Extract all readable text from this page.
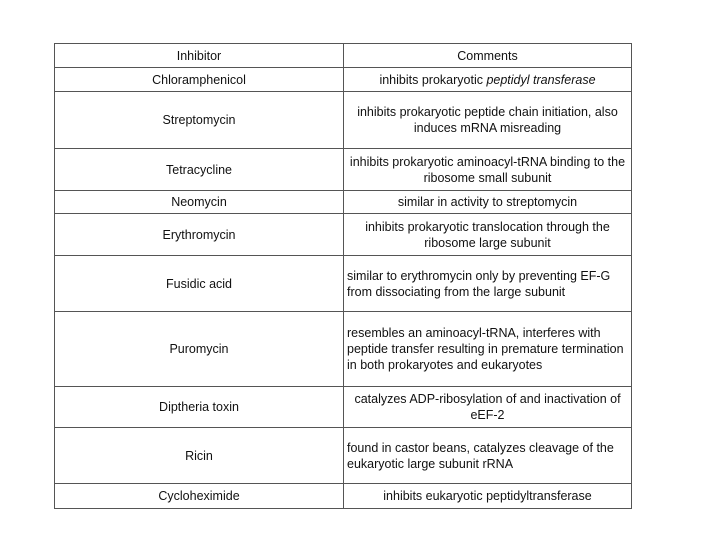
Inhibitor	Comments
Chloramphenicol	inhibits prokaryotic peptidyl transferase
Streptomycin	inhibits prokaryotic peptide chain initiation, also induces mRNA misreading
Tetracycline	inhibits prokaryotic aminoacyl-tRNA binding to the ribosome small subunit
Neomycin	similar in activity to streptomycin
Erythromycin	inhibits prokaryotic translocation through the ribosome large subunit
Fusidic acid	similar to erythromycin only by preventing EF-G from dissociating from the large subunit
Puromycin	resembles an aminoacyl-tRNA, interferes with peptide transfer resulting in premature termination in both prokaryotes and eukaryotes
Diptheria toxin	catalyzes ADP-ribosylation of and inactivation of eEF-2
Ricin	found in castor beans, catalyzes cleavage of the eukaryotic large subunit rRNA
Cycloheximide	inhibits eukaryotic peptidyltransferase
